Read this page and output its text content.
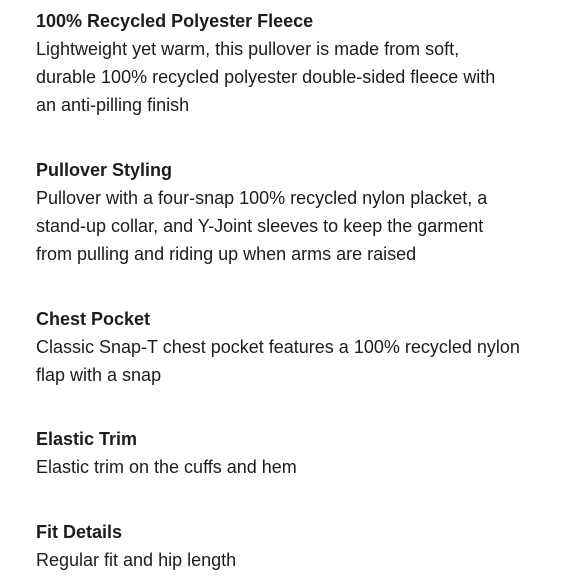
100% Recycled Polyester Fleece
Lightweight yet warm, this pullover is made from soft,
durable 100% recycled polyester double-sided fleece with
an anti-pilling finish
Pullover Styling
Pullover with a four-snap 100% recycled nylon placket, a
stand-up collar, and Y-Joint sleeves to keep the garment
from pulling and riding up when arms are raised
Chest Pocket
Classic Snap-T chest pocket features a 100% recycled nylon
flap with a snap
Elastic Trim
Elastic trim on the cuffs and hem
Fit Details
Regular fit and hip length
